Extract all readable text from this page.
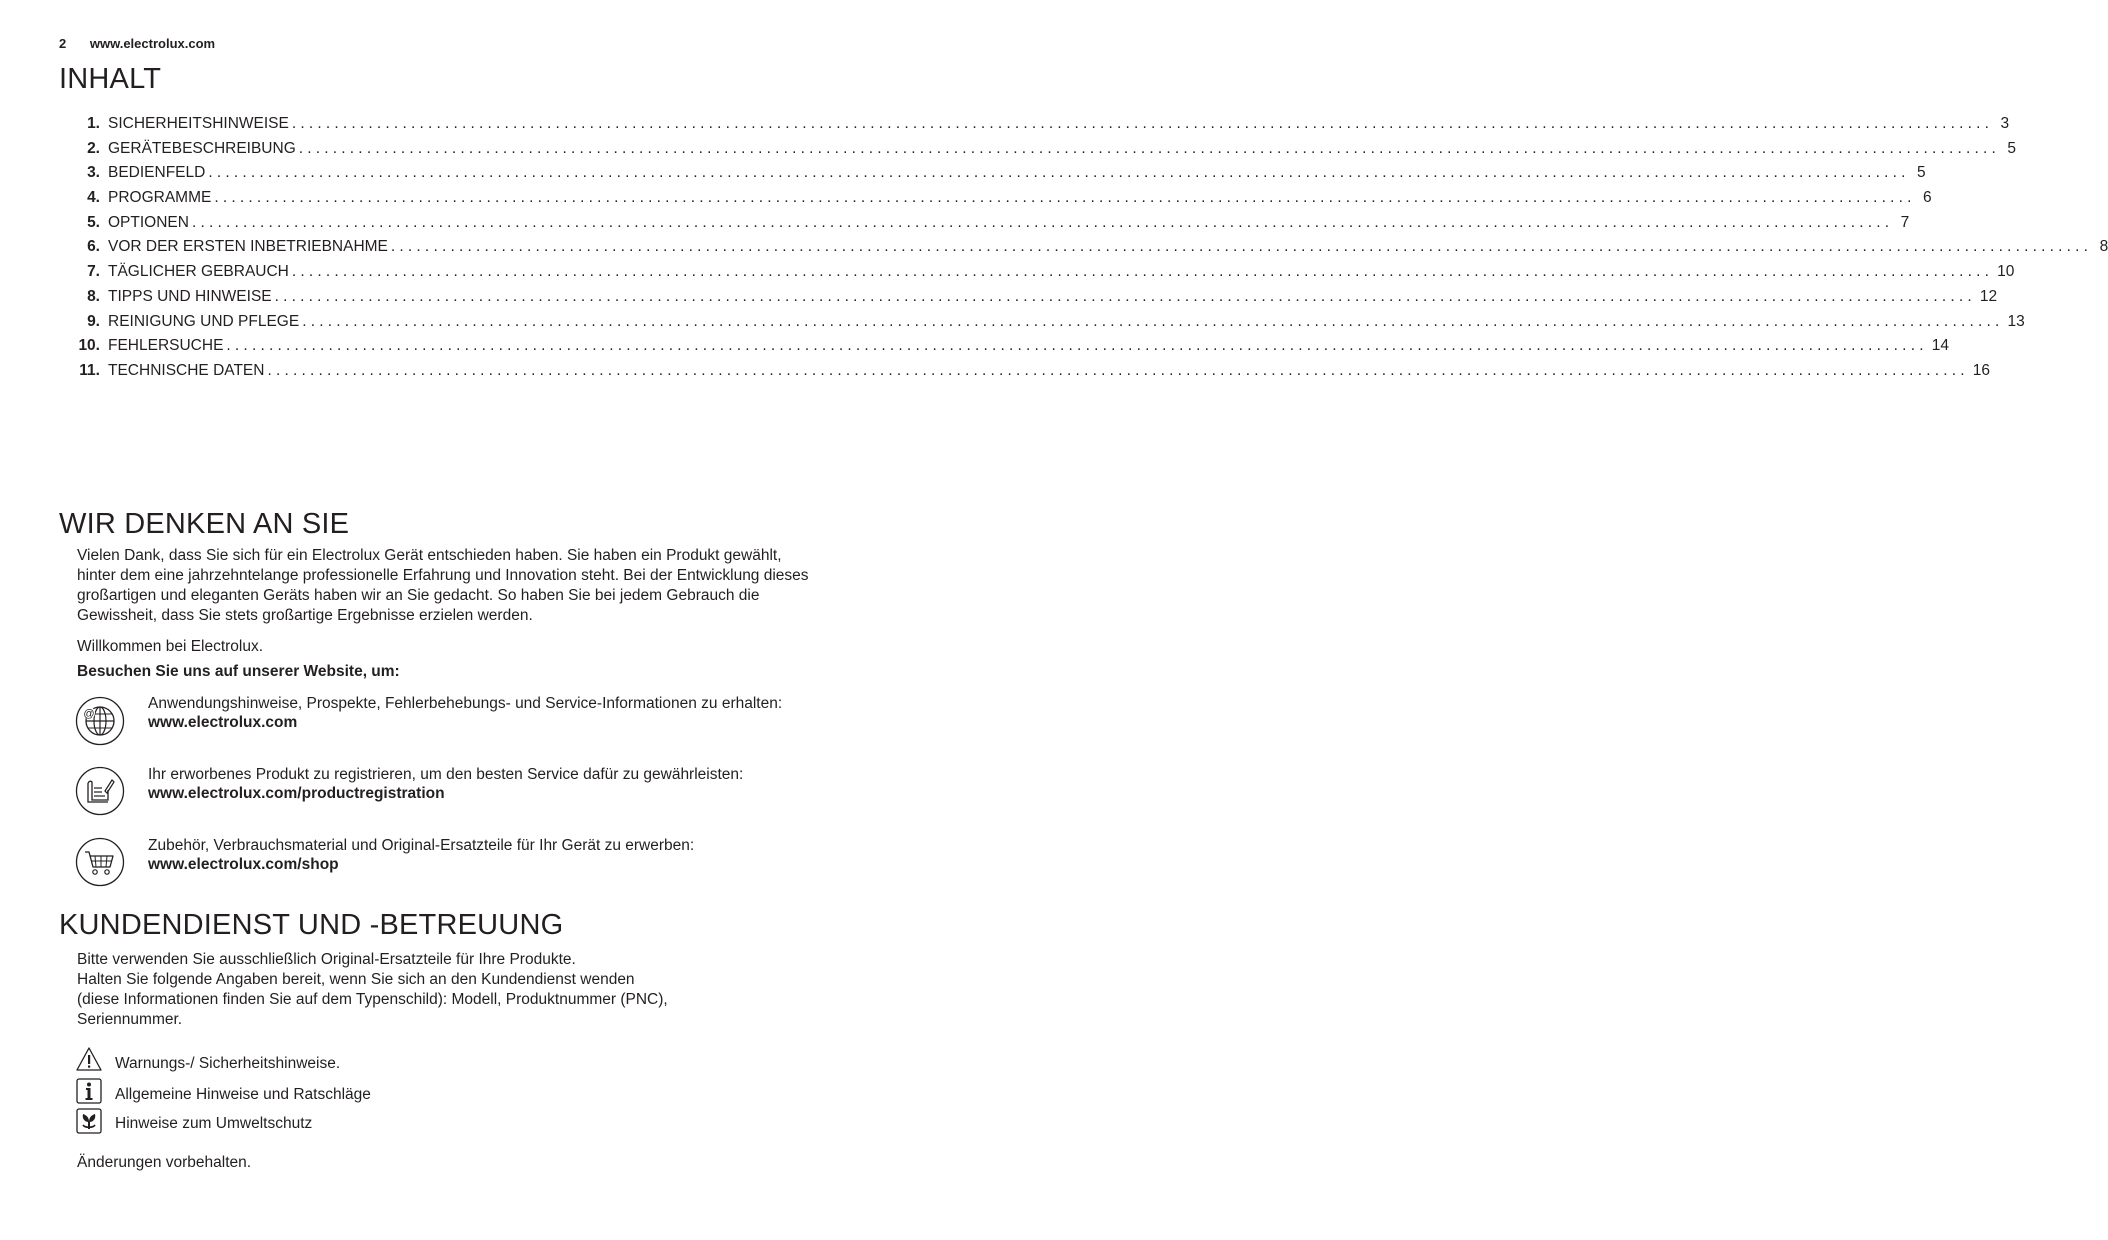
2 www.electrolux.com
INHALT
1. SICHERHEITSHINWEISE ........................................................................................................................................................................................................ 3
2. GERÄTEBESCHREIBUNG ........................................................................................................................................................................................................ 5
3. BEDIENFELD ........................................................................................................................................................................................................ 5
4. PROGRAMME ........................................................................................................................................................................................................ 6
5. OPTIONEN ........................................................................................................................................................................................................ 7
6. VOR DER ERSTEN INBETRIEBNAHME ........................................................................................................................................................................................................ 8
7. TÄGLICHER GEBRAUCH ........................................................................................................................................................................................................ 10
8. TIPPS UND HINWEISE ........................................................................................................................................................................................................ 12
9. REINIGUNG UND PFLEGE ........................................................................................................................................................................................................ 13
10. FEHLERSUCHE ........................................................................................................................................................................................................ 14
11. TECHNISCHE DATEN ........................................................................................................................................................................................................ 16
WIR DENKEN AN SIE

Vielen Dank, dass Sie sich für ein Electrolux Gerät entschieden haben. Sie haben ein Produkt gewählt, hinter dem eine jahrzehntelange professionelle Erfahrung und Innovation steht. Bei der Entwicklung dieses großartigen und eleganten Geräts haben wir an Sie gedacht. So haben Sie bei jedem Gebrauch die Gewissheit, dass Sie stets großartige Ergebnisse erzielen werden.

Willkommen bei Electrolux.

Besuchen Sie uns auf unserer Website, um:

@
Anwendungshinweise, Prospekte, Fehlerbehebungs- und Service-Informationen zu erhalten:
www.electrolux.com
Ihr erworbenes Produkt zu registrieren, um den besten Service dafür zu gewährleisten:
www.electrolux.com/productregistration
Zubehör, Verbrauchsmaterial und Original-Ersatzteile für Ihr Gerät zu erwerben:
www.electrolux.com/shop
KUNDENDIENST UND -BETREUUNG
Bitte verwenden Sie ausschließlich Original-Ersatzteile für Ihre Produkte.
Halten Sie folgende Angaben bereit, wenn Sie sich an den Kundendienst wenden
(diese Informationen finden Sie auf dem Typenschild): Modell, Produktnummer (PNC), Seriennummer.
Warnungs-/ Sicherheitshinweise.
Allgemeine Hinweise und Ratschläge
Hinweise zum Umweltschutz

Änderungen vorbehalten.
